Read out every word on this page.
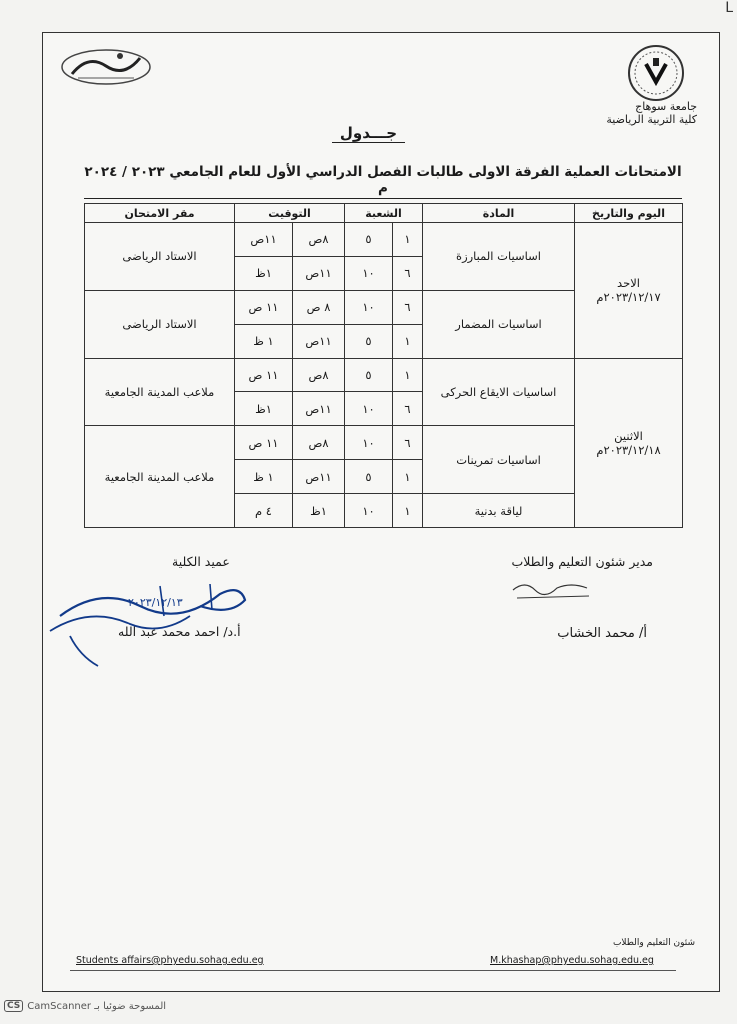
L
جامعة سوهاج
كلية التربية الرياضية
جـــدول
الامتحانات العملية الفرقة الاولى طالبات الفصل الدراسي الأول للعام الجامعي ٢٠٢٣ / ٢٠٢٤ م
اليوم والتاريخ	المادة	الشعبة		التوقيت		مقر الامتحان

الاحد
٢٠٢٣/١٢/١٧م	اساسيات المبارزة	١	٥	٨ص	١١ص	الاستاد الرياضى
		٦	١٠	١١ص	١ظ	
	اساسيات المضمار	٦	١٠	٨ ص	١١ ص	الاستاد الرياضى
		١	٥	١١ص	١ ظ	

الاثنين
٢٠٢٣/١٢/١٨م	اساسيات الايقاع الحركى	١	٥	٨ص	١١ ص	ملاعب المدينة الجامعية
		٦	١٠	١١ص	١ظ	
	اساسيات تمرينات	٦	١٠	٨ص	١١ ص	ملاعب المدينة الجامعية
		١	٥	١١ص	١ ظ	
	لياقة بدنية	١	١٠	١ظ	٤ م	
مدير شئون التعليم والطلاب
أ/ محمد الخشاب
عميد الكلية
٢٠٢٣/١٢/١٣
أ.د/ احمد محمد عبد الله
شئون التعليم والطلاب
Students affairs@phyedu.sohag.edu.eg	M.khashap@phyedu.sohag.edu.eg
CS المسوحة ضوئيا بـ CamScanner
